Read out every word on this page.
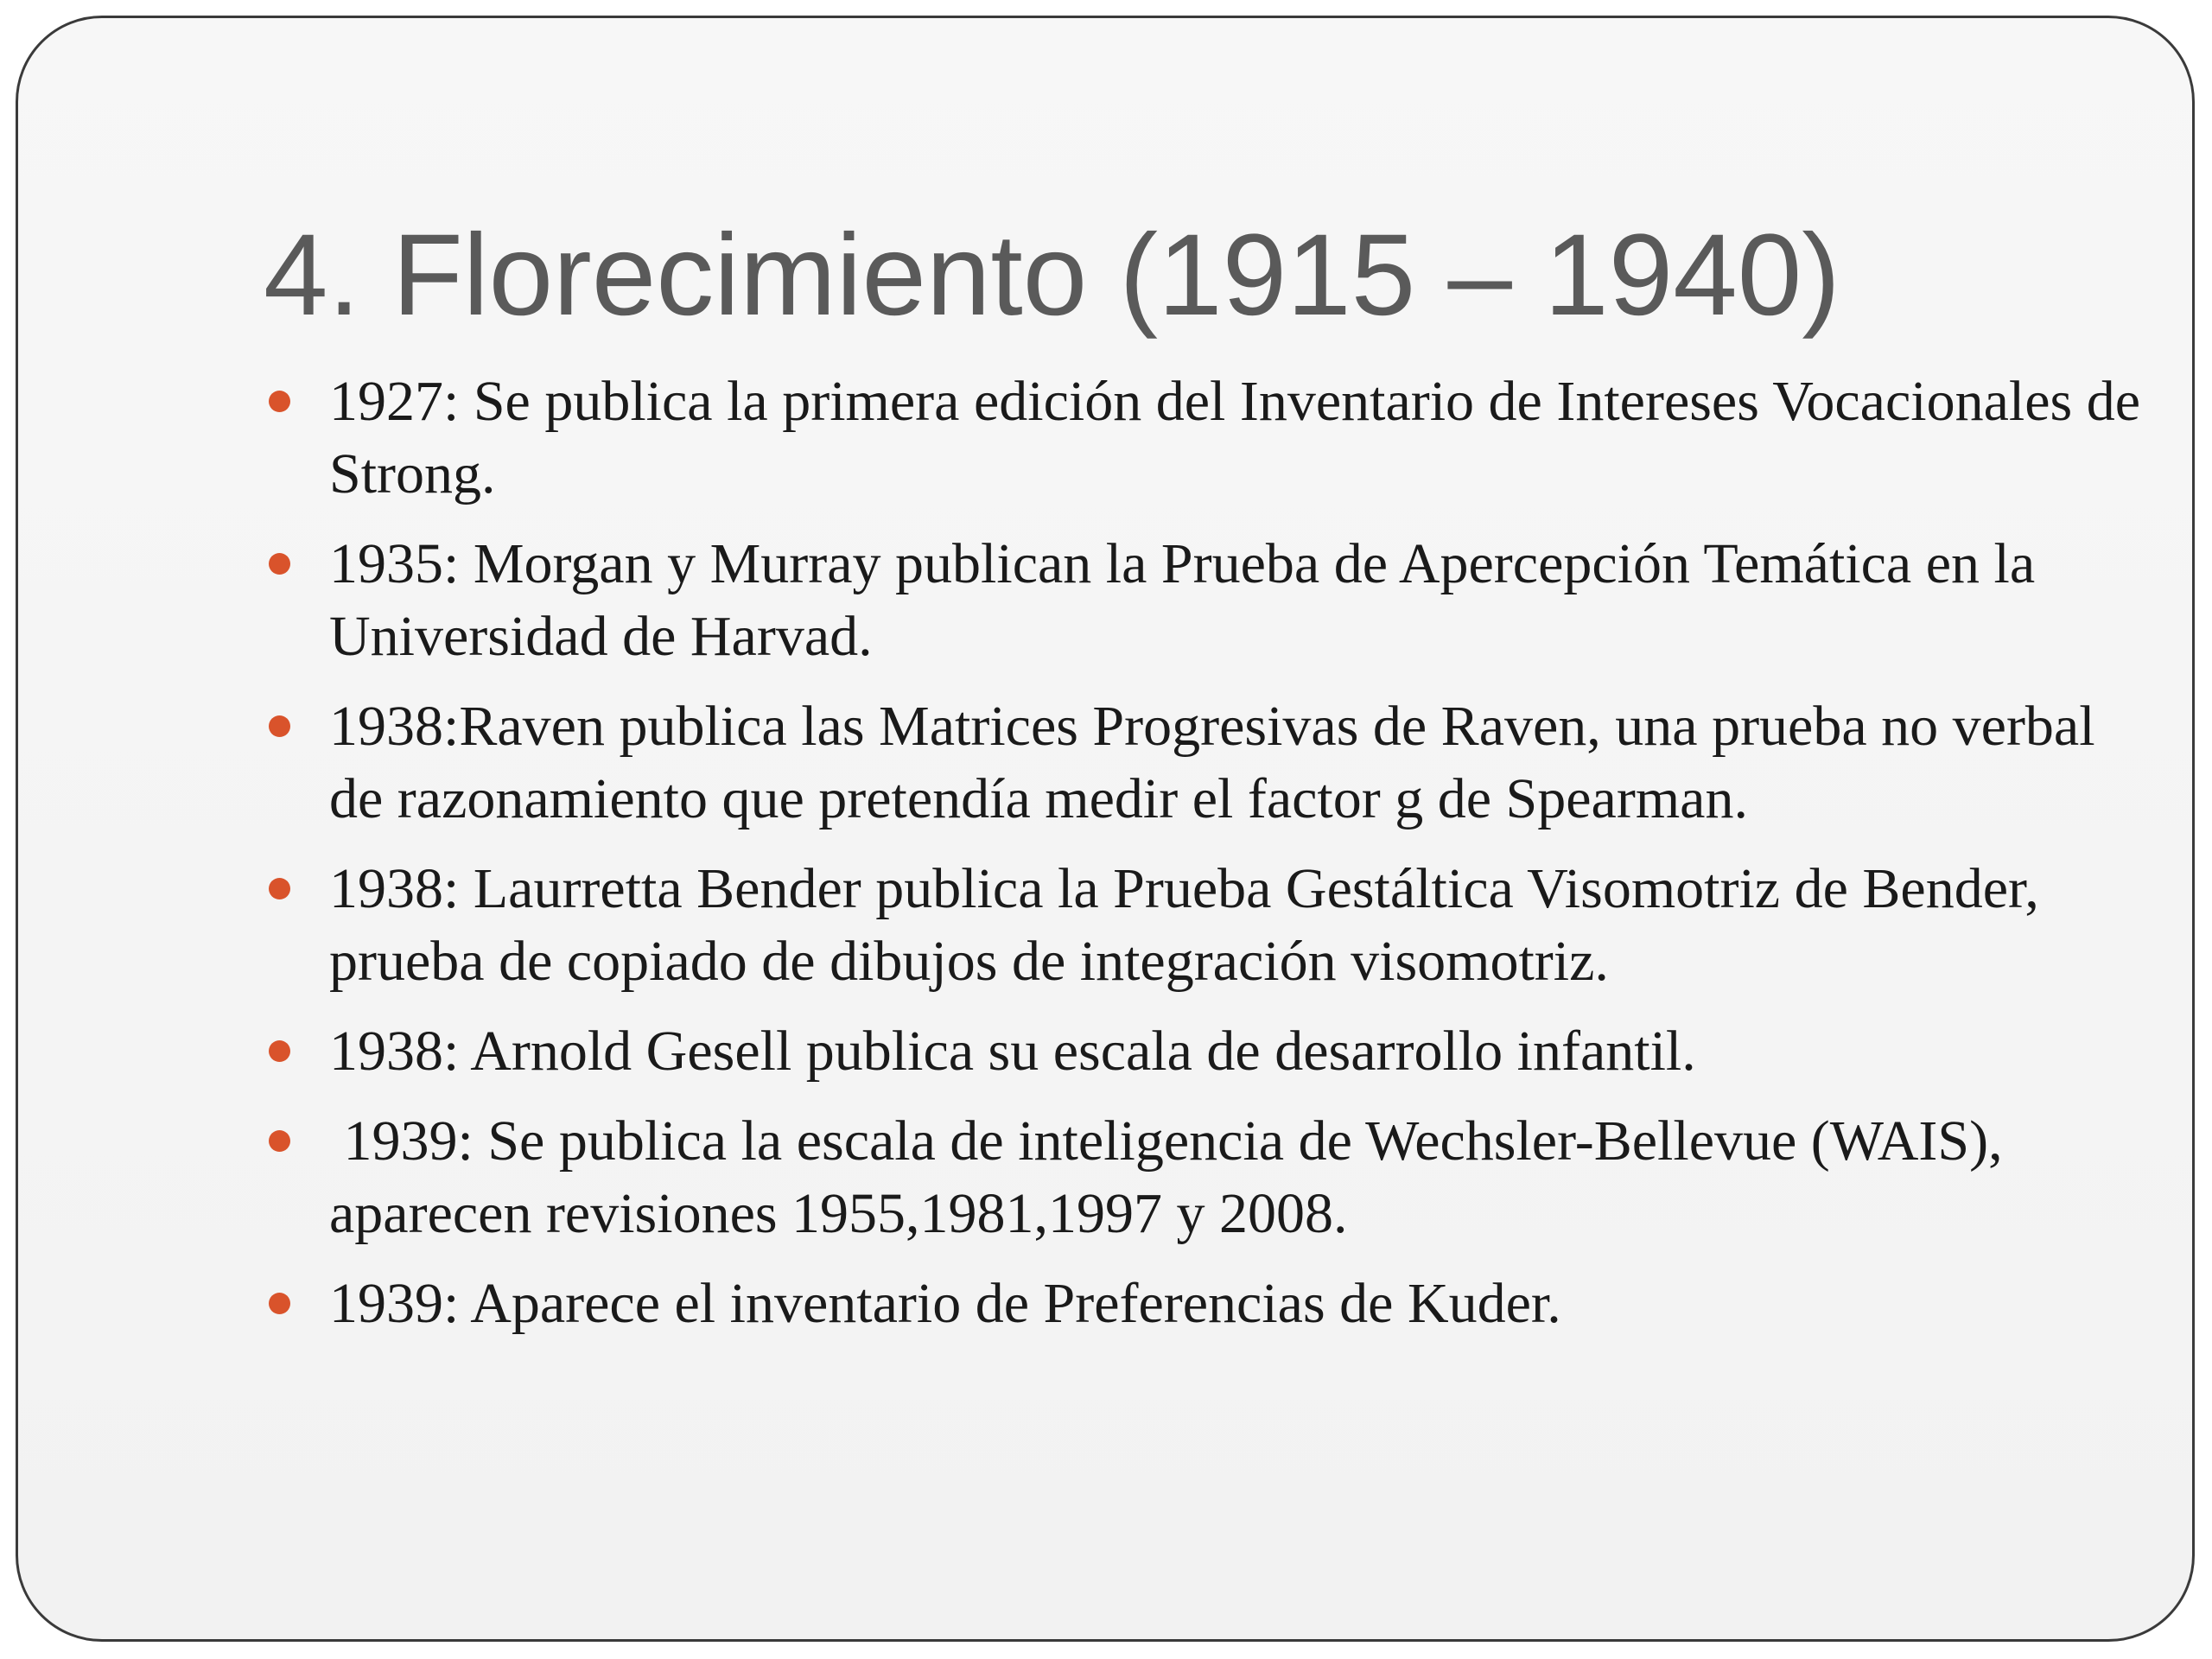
4. Florecimiento (1915 – 1940)
1927: Se publica la primera edición del Inventario de Intereses Vocacionales de Strong.
1935: Morgan y Murray publican la Prueba de Apercepción Temática en la Universidad de Harvad.
1938:Raven publica las Matrices Progresivas de Raven, una prueba no verbal de razonamiento que pretendía medir el factor g de Spearman.
1938: Laurretta Bender publica la Prueba Gestáltica Visomotriz de Bender, prueba de copiado de dibujos de integración visomotriz.
1938: Arnold Gesell publica su escala de desarrollo infantil.
1939: Se publica la escala de inteligencia de Wechsler-Bellevue (WAIS), aparecen revisiones 1955,1981,1997 y 2008.
1939: Aparece el inventario de Preferencias de Kuder.
